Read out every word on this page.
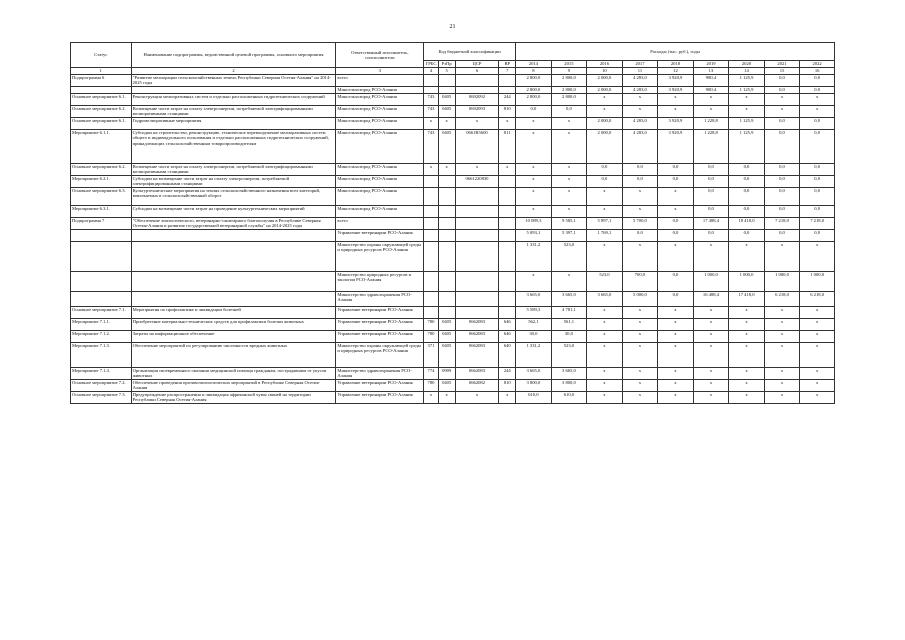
21
Статус	Наименование подпрограммы, ведомственной целевой программы, основного мероприятия	Ответственный исполнитель, соисполнители	Код бюджетной классификации				Расходы (тыс. руб.), годы								
			ГРБС	РзПр	ЦСР	ВР	2014	2015	2016	2017	2018	2019	2020	2021	2022
1	2	3	4	5	6	7	8	9	10	11	12	13	14	15	16
Подпрограмма 6	"Развитие мелиорации сельскохозяйственных земель Республики Северная Осетия-Алания" на 2014-2025 годы	всего					2 800,0	2 800,0	2 000,0	4 283,0	3 920,9	980,4	1 125,9	0,0	0,0
		Минсельхозпрод РСО-Алания					2 800,0	2 800,0	2 000,0	4 283,0	3 920,9	980,4	1 125,9	0,0	0,0
Основное мероприятие 6.1.	Реконструкция мелиоративных систем и отдельно расположенных гидротехнических сооружений	Минсельхозпрод РСО-Алания	743	0405	0692092	244	2 800,0	2 800,0	x	x	x	x	x	x	x
Основное мероприятие 6.2.	Возмещение части затрат на оплату электроэнергии, потребляемой электрифицированными мелиоративными станциями	Минсельхозпрод РСО-Алания	743	0405	0692093	810	0,0	0,0	x	x	x	x	x	x	x
Основное мероприятие 6.1.	Гидромелиоративные мероприятия	Минсельхозпрод РСО-Алания	x	x	x	x	x	x	2 000,0	4 283,0	3 920,9	1 228,8	1 125,9	0,0	0,0
Мероприятие 6.1.1.	Субсидии на строительство, реконструкцию, техническое перевооружение мелиоративных систем общего и индивидуального пользования и отдельно расположенных гидротехнических сооружений, принадлежащих сельскохозяйственным товаропроизводителям	Минсельхозпрод РСО-Алания	743	0405	0661R5600	811	x	x	2 000,0	4 283,0	3 920,9	1 228,8	1 125,9	0,0	0,0
Основное мероприятие 6.2.	Возмещение части затрат на оплату электроэнергии, потребляемой электрифицированными мелиоративными станциями	Минсельхозпрод РСО-Алания	x	x	x	x	x	x	0,0	0,0	0,0	0,0	0,0	0,0	0,0
Мероприятие 6.2.1.	Субсидии на возмещение части затрат на оплату электроэнергии, потребляемой электрифицированными станциями	Минсельхозпрод РСО-Алания			0661220830		x	x	0,0	0,0	0,0	0,0	0,0	0,0	0,0
Основное мероприятие 6.3.	Культуртехнические мероприятия на землях сельскохозяйственного назначения всех категорий, вовлекаемых в сельскохозяйственный оборот	Минсельхозпрод РСО-Алания					x	x	x	x	x	0,0	0,0	0,0	0,0
Мероприятие 6.3.1.	Субсидии на возмещение части затрат на проведение культуртехнических мероприятий	Минсельхозпрод РСО-Алания					x	x	x	x	x	0,0	0,0	0,0	0,0
Подпрограмма 7	"Обеспечение эпизоотического, ветеринарно-санитарного благополучия в Республике Северная Осетия-Алания и развитие государственной ветеринарной службы" на 2014-2025 годы	всего					10 089,3	9 585,1	5 897,1	5 700,0	0,0	17 488,4	18 418,0	7 218,0	7 218,0
		Управление ветеринарии РСО-Алания					5 093,1	5 397,1	1 769,1	0,0	0,0	0,0	0,0	0,0	0,0
		Министерство охраны окружающей среды и природных ресурсов РСО-Алания					1 331,2	523,0	x	x	x	x	x	x	x
		Министерство природных ресурсов и экологии РСО-Алания					x	x	523,0	700,0	0,0	1 000,0	1 000,0	1 000,0	1 000,0
		Министерство здравоохранения РСО-Алания					3 665,0	3 665,0	3 665,0	5 000,0	0,0	16 488,4	17 418,0	6 218,0	6 218,0
Основное мероприятие 7.1.	Мероприятия по профилактике и ликвидации болезней	Управление ветеринарии РСО-Алания					5 589,3	4 781,1	x	x	x	x	x	x	x
Мероприятие 7.1.1.	Приобретение материально-технических средств для профилактики болезни животных	Управление ветеринарии РСО-Алания	780	0405	0662083	646	562,1	561,1	x	x	x	x	x	x	x
Мероприятие 7.1.2.	Затраты на информационное обеспечение	Управление ветеринарии РСО-Алания	780	0405	0662083	646	30,0	30,0	x	x	x	x	x	x	x
Мероприятие 7.1.3.	Обеспечение мероприятий по регулированию численности вредных животных	Министерство охраны окружающей среды и природных ресурсов РСО-Алания	371	0405	0662083	640	1 331,2	523,0	x	x	x	x	x	x	x
Мероприятие 7.1.4.	Организация своевременного оказания медицинской помощи гражданам, пострадавшим от укусов животных	Министерство здравоохранения РСО-Алания	774	0909	0662083	244	3 665,0	3 665,0	x	x	x	x	x	x	x
Основное мероприятие 7.2.	Обеспечение проведения противоэпизоотических мероприятий в Республике Северная Осетия-Алания	Управление ветеринарии РСО-Алания	780	0405	0662082	810	3 800,0	3 800,0	x	x	x	x	x	x	x
Основное мероприятие 7.3.	Предупреждение распространения и ликвидация африканской чумы свиней на территории Республики Северная Осетия-Алания	Управление ветеринарии РСО-Алания	x	x	x	x	610,0	610,0	x	x	x	x	x	x	x
